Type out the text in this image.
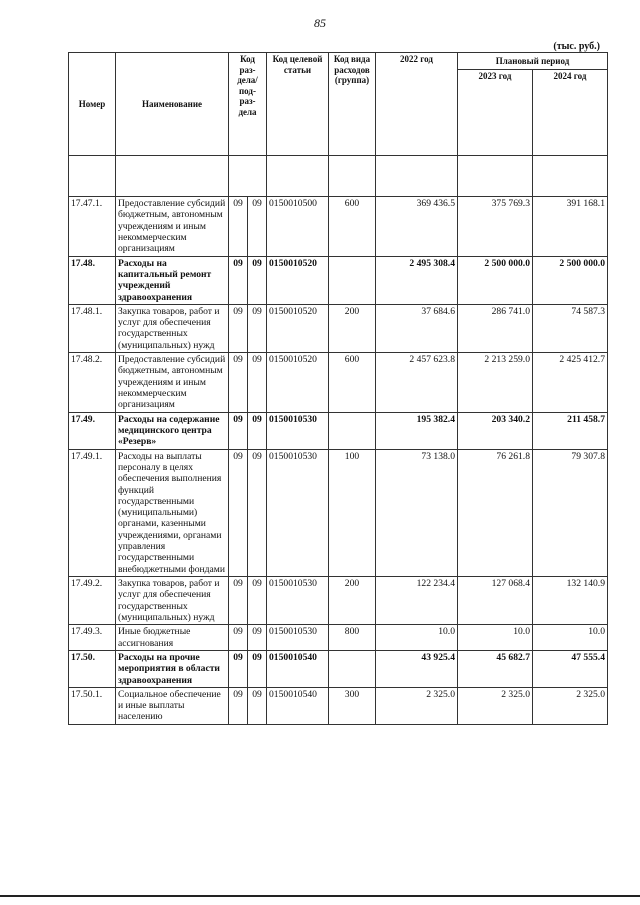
85
(тыс. руб.)
Номер	Наименование	Код раз-дела/ под-раз-дела		Код целевой статьи	Код вида расходов (группа)	2022 год	Плановый период	
							2023 год	2024 год

17.47.1.	Предоставление субсидий бюджетным, автономным учреждениям и иным некоммерческим организациям	09	09	0150010500	600	369 436.5	375 769.3	391 168.1
17.48.	Расходы на капитальный ремонт учреждений здравоохранения	09	09	0150010520		2 495 308.4	2 500 000.0	2 500 000.0
17.48.1.	Закупка товаров, работ и услуг для обеспечения государственных (муниципальных) нужд	09	09	0150010520	200	37 684.6	286 741.0	74 587.3
17.48.2.	Предоставление субсидий бюджетным, автономным учреждениям и иным некоммерческим организациям	09	09	0150010520	600	2 457 623.8	2 213 259.0	2 425 412.7
17.49.	Расходы на содержание медицинского центра «Резерв»	09	09	0150010530		195 382.4	203 340.2	211 458.7
17.49.1.	Расходы на выплаты персоналу в целях обеспечения выполнения функций государственными (муниципальными) органами, казенными учреждениями, органами управления государственными внебюджетными фондами	09	09	0150010530	100	73 138.0	76 261.8	79 307.8
17.49.2.	Закупка товаров, работ и услуг для обеспечения государственных (муниципальных) нужд	09	09	0150010530	200	122 234.4	127 068.4	132 140.9
17.49.3.	Иные бюджетные ассигнования	09	09	0150010530	800	10.0	10.0	10.0
17.50.	Расходы на прочие мероприятия в области здравоохранения	09	09	0150010540		43 925.4	45 682.7	47 555.4
17.50.1.	Социальное обеспечение и иные выплаты населению	09	09	0150010540	300	2 325.0	2 325.0	2 325.0
